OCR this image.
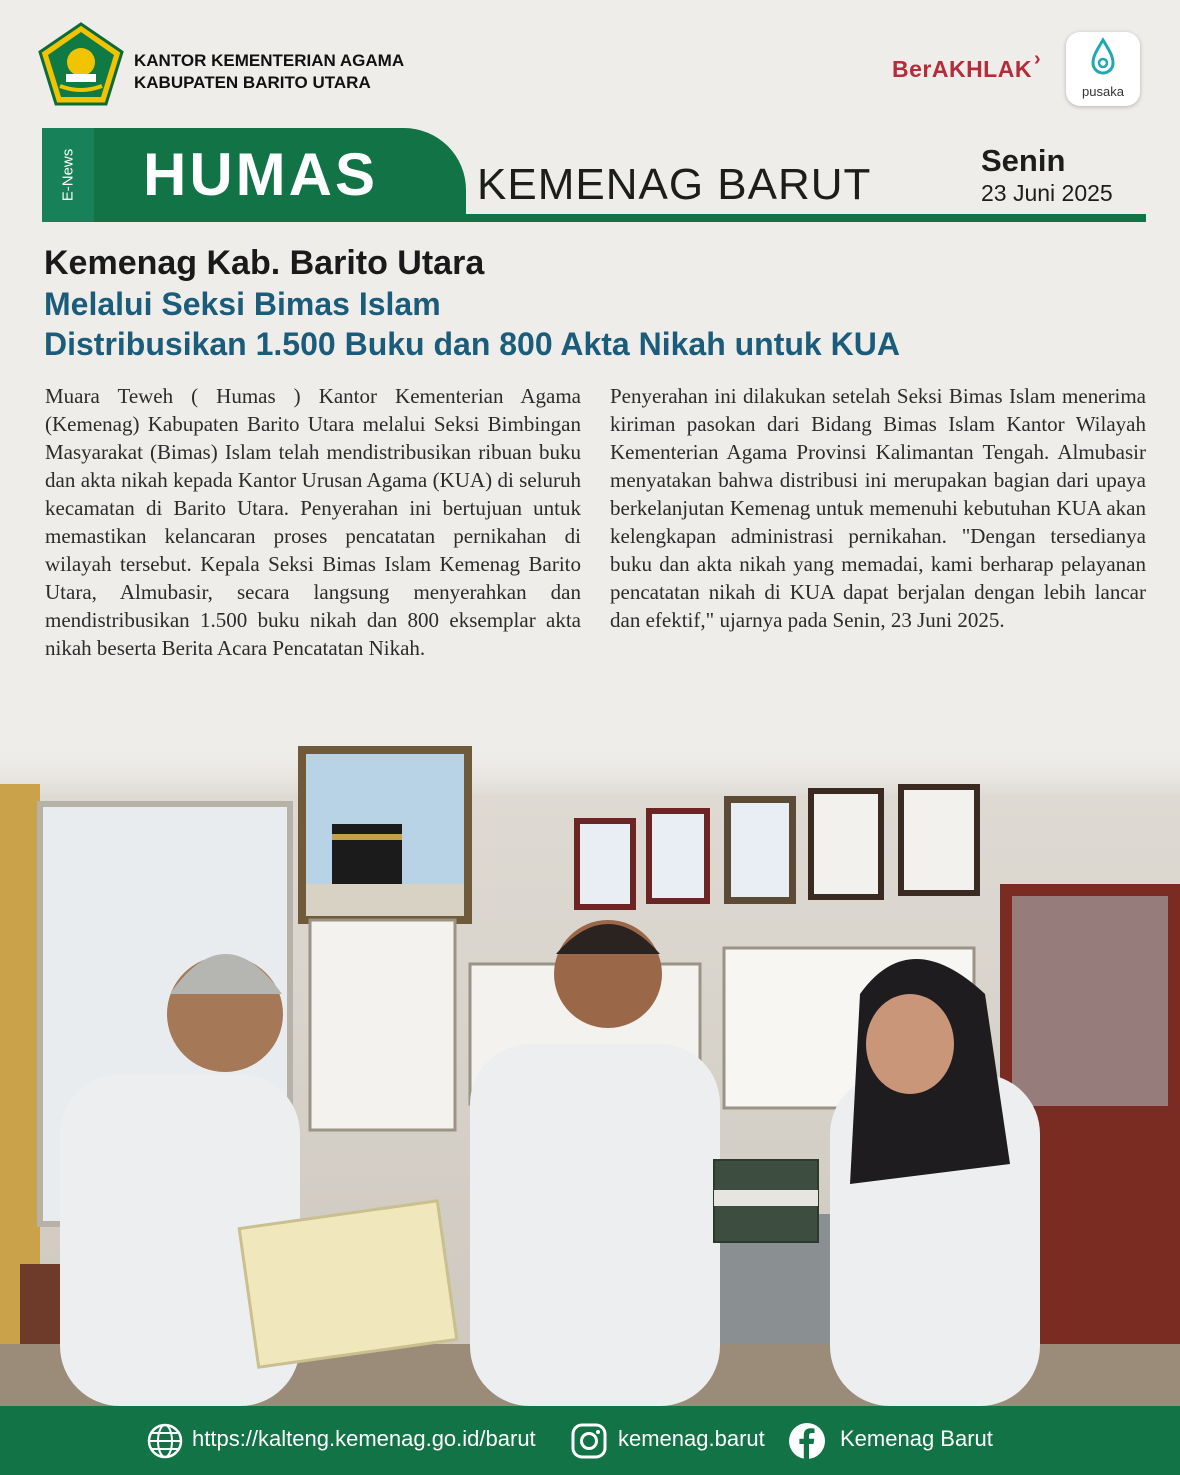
KANTOR KEMENTERIAN AGAMA
KABUPATEN BARITO UTARA
BerAKHLAK ›
pusaka
E-News HUMAS KEMENAG BARUT	Senin
23 Juni 2025
Kemenag Kab. Barito Utara
Melalui Seksi Bimas Islam
Distribusikan 1.500 Buku dan 800 Akta Nikah untuk KUA
Muara Teweh ( Humas ) Kantor Kementerian Agama (Kemenag) Kabupaten Barito Utara melalui Seksi Bimbingan Masyarakat (Bimas) Islam telah mendistribusikan ribuan buku dan akta nikah kepada Kantor Urusan Agama (KUA) di seluruh kecamatan di Barito Utara. Penyerahan ini bertujuan untuk memastikan kelancaran proses pencatatan pernikahan di wilayah tersebut. Kepala Seksi Bimas Islam Kemenag Barito Utara, Almubasir, secara langsung menyerahkan dan mendistribusikan 1.500 buku nikah dan 800 eksemplar akta nikah beserta Berita Acara Pencatatan Nikah.
Penyerahan ini dilakukan setelah Seksi Bimas Islam menerima kiriman pasokan dari Bidang Bimas Islam Kantor Wilayah Kementerian Agama Provinsi Kalimantan Tengah. Almubasir menyatakan bahwa distribusi ini merupakan bagian dari upaya berkelanjutan Kemenag untuk memenuhi kebutuhan KUA akan kelengkapan administrasi pernikahan. "Dengan tersedianya buku dan akta nikah yang memadai, kami berharap pelayanan pencatatan nikah di KUA dapat berjalan dengan lebih lancar dan efektif," ujarnya pada Senin, 23 Juni 2025.
https://kalteng.kemenag.go.id/barut	kemenag.barut	Kemenag Barut
